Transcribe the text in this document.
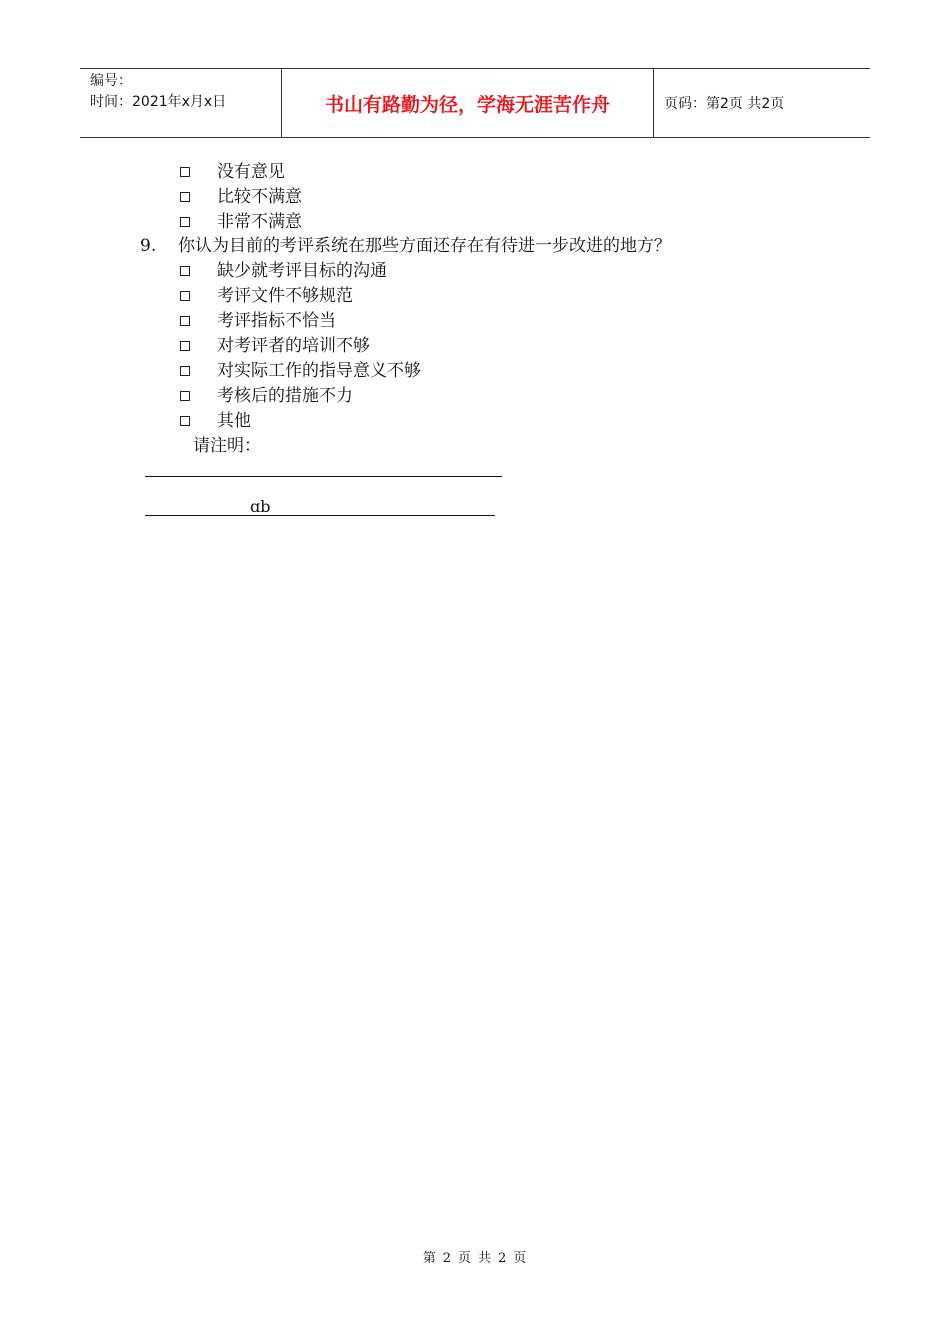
编号：
时间：2021年x月x日	书山有路勤为径，学海无涯苦作舟	页码：第2页 共2页
没有意见
比较不满意
非常不满意
9. 你认为目前的考评系统在那些方面还存在有待进一步改进的地方？
缺少就考评目标的沟通
考评文件不够规范
考评指标不恰当
对考评者的培训不够
对实际工作的指导意义不够
考核后的措施不力
其他
请注明：
ɑb
第 2 页 共 2 页
